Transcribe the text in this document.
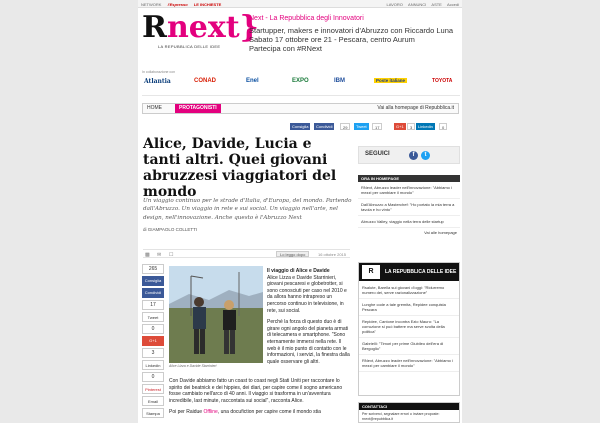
NETWORK l'Espresso LE INCHIESTE	LAVORO ANNUNCI ASTE Accedi
Rnext}
LA REPUBBLICA DELLE IDEE
Next - La Repubblica degli Innovatori
Startupper, makers e innovatori d'Abruzzo con Riccardo Luna
Sabato 17 ottobre ore 21 - Pescara, centro Aurum
Partecipa con #RNext
In collaborazione con
Atlantia	CONAD	Enel	EXPO	IBM	Poste italiane	TOYOTA
HOME	PROTAGONISTI	Vai alla homepage di Repubblica.it
Consiglia	Condividi	29	Tweet	17	G+1	3	Linkedin	0
Alice, Davide, Lucia e tanti altri. Quei giovani abruzzesi viaggiatori del mondo
Un viaggio continuo per le strade d'Italia, d'Europa, del mondo. Partendo dall'Abruzzo. Un viaggio in rete e sui social. Un viaggio nell'arte, nel design, nell'innovazione. Anche questo è l'Abruzzo Next
di GIAMPAOLO COLLETTI
▩ ✉ ☐	Lo leggo dopo	16 ottobre 2015
265
Consiglia
Condividi
17
Tweet
0
G+1
3
Linkedin
0
Pinterest
Email
Stampa
Alice Lizza e Davide Starrinieri

Il viaggio di Alice e Davide
Alice Lizza e Davide Starrinieri, giovani pescaresi e globetrotter, si sono conosciuti per caso nel 2010 e da allora hanno intrapreso un percorso continuo in televisione, in rete, sui social.

Perché la forza di questo duo è di girare ogni angolo del pianeta armati di telecamera e smartphone. "Sono eternamente immersi nella rete. Il web è il mio punto di contatto con le informazioni, i servizi, la finestra dalla quale osservare gli altri.

Con Davide abbiamo fatto un coast to coast negli Stati Uniti per raccontare lo spirito dei beatnick e dei hippies, dei diari, per capire come il sogno americano fosse cambiato nell'arco di 40 anni. Il viaggio si trasforma in un'avventura incredibile, last minute, raccontata sui social", racconta Alice.

Poi per Raidue Offline, una docufiction per capire come il mondo stia

SEGUICI	f	t
ORA IN HOMEPAGE
RNext, Abruzzo leader nell'innovazione: "Abbiamo i mezzi per cambiare il mondo"
Dall'Abruzzo a Masterchef: "Ho portato la mia terra a tavola e ho vinto"
Abruzzo Valley, viaggio nella terra delle startup
Vai alle homepage
R	LA REPUBBLICA DELLE IDEE
Rsalute, Barella sui giovani d'oggi: "Ridurremo numero dei, serve razionalizzazione"
Lunghe code a tale gremita, Repidee conquista Pescara
Repidee, Cantone incontra Ezio Mauro: "La corruzione si può battere ma serve svolta della politica"
Gabrielli: "Timori per prime Giubileo dell'era di Bergoglio"
RNext, Abruzzo leader nell'innovazione: "Abbiamo i mezzi per cambiare il mondo"
CONTATTACI
Per scriverci, segnalare errori o inviare proposte: rnext@repubblica.it
